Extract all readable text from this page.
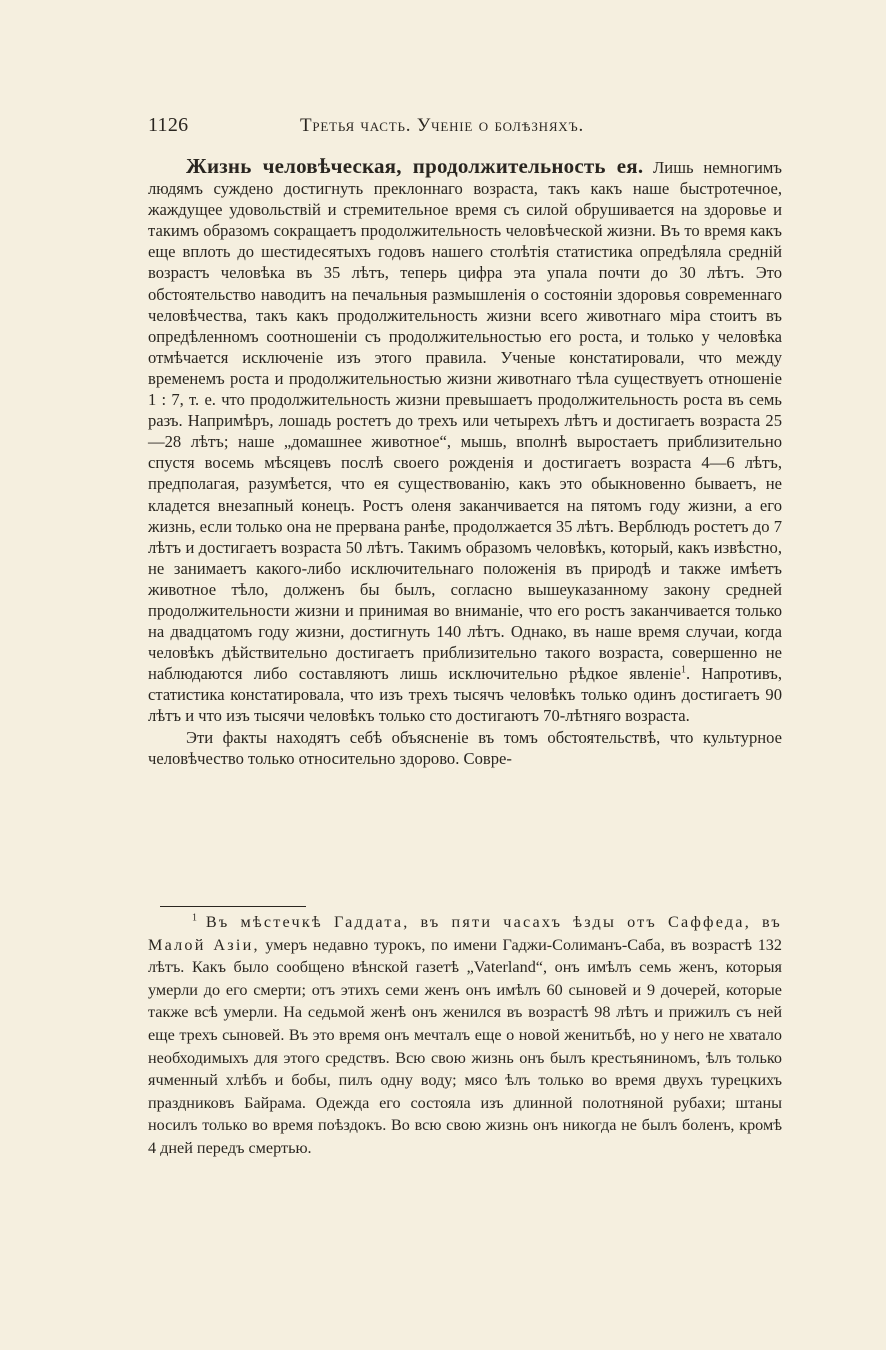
1126	Третья часть. Ученіе о болѣзняхъ.

Жизнь человѣческая, продолжительность ея. Лишь немногимъ людямъ суждено достигнуть преклоннаго возраста, такъ какъ наше быстротечное, жаждущее удовольствій и стремительное время съ силой обрушивается на здоровье и такимъ образомъ сокращаетъ продолжительность человѣческой жизни. Въ то время какъ еще вплоть до шестидесятыхъ годовъ нашего столѣтія статистика опредѣляла средній возрастъ человѣка въ 35 лѣтъ, теперь цифра эта упала почти до 30 лѣтъ. Это обстоятельство наводитъ на печальныя размышленія о состояніи здоровья современнаго человѣчества, такъ какъ продолжительность жизни всего животнаго міра стоитъ въ опредѣленномъ соотношеніи съ продолжительностью его роста, и только у человѣка отмѣчается исключеніе изъ этого правила. Ученые констатировали, что между временемъ роста и продолжительностью жизни животнаго тѣла существуетъ отношеніе 1 : 7, т. е. что продолжительность жизни превышаетъ продолжительность роста въ семь разъ. Напримѣръ, лошадь ростетъ до трехъ или четырехъ лѣтъ и достигаетъ возраста 25—28 лѣтъ; наше „домашнее животное“, мышь, вполнѣ выростаетъ приблизительно спустя восемь мѣсяцевъ послѣ своего рожденія и достигаетъ возраста 4—6 лѣтъ, предполагая, разумѣется, что ея существованію, какъ это обыкновенно бываетъ, не кладется внезапный конецъ. Ростъ оленя заканчивается на пятомъ году жизни, а его жизнь, если только она не прервана ранѣе, продолжается 35 лѣтъ. Верблюдъ ростетъ до 7 лѣтъ и достигаетъ возраста 50 лѣтъ. Такимъ образомъ человѣкъ, который, какъ извѣстно, не занимаетъ какого-либо исключительнаго положенія въ природѣ и также имѣетъ животное тѣло, долженъ бы былъ, согласно вышеуказанному закону средней продолжительности жизни и принимая во вниманіе, что его ростъ заканчивается только на двадцатомъ году жизни, достигнуть 140 лѣтъ. Однако, въ наше время случаи, когда человѣкъ дѣйствительно достигаетъ приблизительно такого возраста, совершенно не наблюдаются либо составляютъ лишь исключительно рѣдкое явленіе$^1$. Напротивъ, статистика констатировала, что изъ трехъ тысячъ человѣкъ только одинъ достигаетъ 90 лѣтъ и что изъ тысячи человѣкъ только сто достигаютъ 70-лѣтняго возраста.

Эти факты находятъ себѣ объясненіе въ томъ обстоятельствѣ, что культурное человѣчество только относительно здорово. Совре-

$^1$ Въ мѣстечкѣ Гаддата, въ пяти часахъ ѣзды отъ Саффеда, въ Малой Азіи, умеръ недавно турокъ, по имени Гаджи-Солиманъ-Саба, въ возрастѣ 132 лѣтъ. Какъ было сообщено вѣнской газетѣ „Vaterland“, онъ имѣлъ семь женъ, которыя умерли до его смерти; отъ этихъ семи женъ онъ имѣлъ 60 сыновей и 9 дочерей, которые также всѣ умерли. На седьмой женѣ онъ женился въ возрастѣ 98 лѣтъ и прижилъ съ ней еще трехъ сыновей. Въ это время онъ мечталъ еще о новой женитьбѣ, но у него не хватало необходимыхъ для этого средствъ. Всю свою жизнь онъ былъ крестьяниномъ, ѣлъ только ячменный хлѣбъ и бобы, пилъ одну воду; мясо ѣлъ только во время двухъ турецкихъ праздниковъ Байрама. Одежда его состояла изъ длинной полотняной рубахи; штаны носилъ только во время поѣздокъ. Во всю свою жизнь онъ никогда не былъ боленъ, кромѣ 4 дней передъ смертью.
